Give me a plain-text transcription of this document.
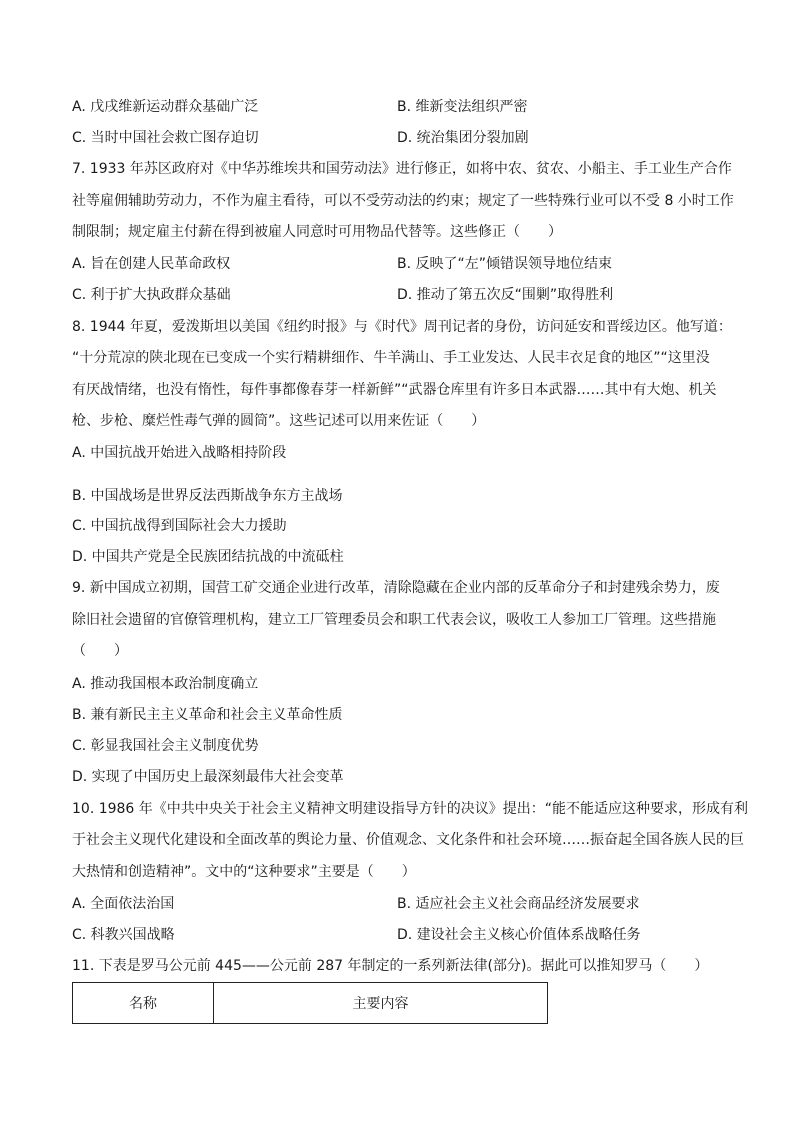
A. 戊戌维新运动群众基础广泛	B. 维新变法组织严密
C. 当时中国社会救亡图存迫切	D. 统治集团分裂加剧
7. 1933 年苏区政府对《中华苏维埃共和国劳动法》进行修正，如将中农、贫农、小船主、手工业生产合作
社等雇佣辅助劳动力，不作为雇主看待，可以不受劳动法的约束；规定了一些特殊行业可以不受 8 小时工作
制限制；规定雇主付薪在得到被雇人同意时可用物品代替等。这些修正（　　）
A. 旨在创建人民革命政权	B. 反映了“左”倾错误领导地位结束
C. 利于扩大执政群众基础	D. 推动了第五次反“围剿”取得胜利
8. 1944 年夏，爱泼斯坦以美国《纽约时报》与《时代》周刊记者的身份，访问延安和晋绥边区。他写道：
“十分荒凉的陕北现在已变成一个实行精耕细作、牛羊满山、手工业发达、人民丰衣足食的地区”“这里没
有厌战情绪，也没有惰性，每件事都像春芽一样新鲜”“武器仓库里有许多日本武器……其中有大炮、机关
枪、步枪、糜烂性毒气弹的圆筒”。这些记述可以用来佐证（　　）
A. 中国抗战开始进入战略相持阶段
B. 中国战场是世界反法西斯战争东方主战场
C. 中国抗战得到国际社会大力援助
D. 中国共产党是全民族团结抗战的中流砥柱
9. 新中国成立初期，国营工矿交通企业进行改革，清除隐藏在企业内部的反革命分子和封建残余势力，废
除旧社会遗留的官僚管理机构，建立工厂管理委员会和职工代表会议，吸收工人参加工厂管理。这些措施
（　　）
A. 推动我国根本政治制度确立
B. 兼有新民主主义革命和社会主义革命性质
C. 彰显我国社会主义制度优势
D. 实现了中国历史上最深刻最伟大社会变革
10. 1986 年《中共中央关于社会主义精神文明建设指导方针的决议》提出：“能不能适应这种要求，形成有利
于社会主义现代化建设和全面改革的舆论力量、价值观念、文化条件和社会环境……振奋起全国各族人民的巨
大热情和创造精神”。文中的“这种要求”主要是（　　）
A. 全面依法治国	B. 适应社会主义社会商品经济发展要求
C. 科教兴国战略	D. 建设社会主义核心价值体系战略任务
11. 下表是罗马公元前 445——公元前 287 年制定的一系列新法律(部分)。据此可以推知罗马（　　）
名称	主要内容
